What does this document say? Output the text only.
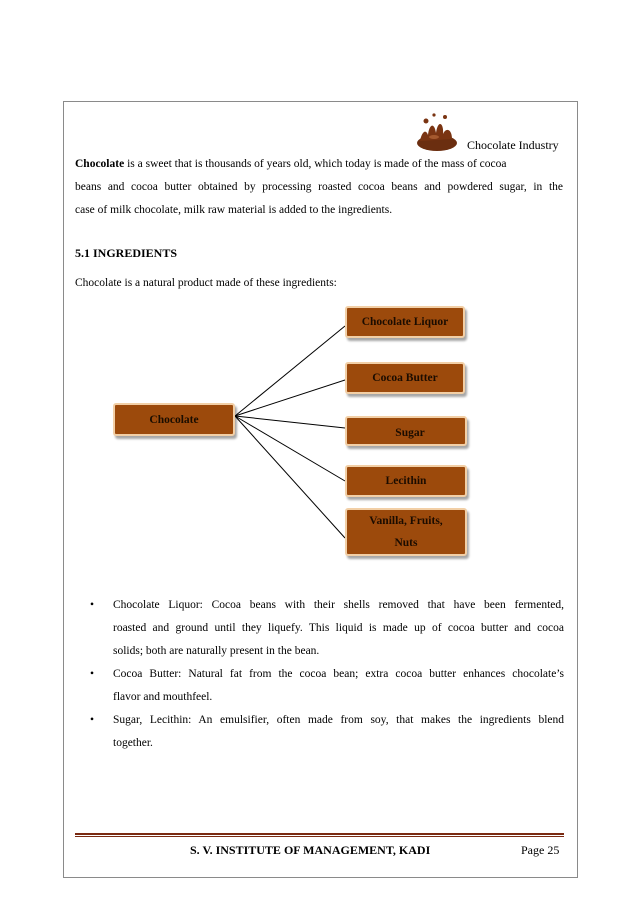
Chocolate Industry

Chocolate is a sweet that is thousands of years old, which today is made of the mass of cocoa

beans and cocoa butter obtained by processing roasted cocoa beans and powdered sugar, in the

case of milk chocolate, milk raw material is added to the ingredients.

5.1 INGREDIENTS
Chocolate is a natural product made of these ingredients:
Chocolate
Chocolate Liquor
Cocoa Butter
Sugar
Lecithin
Vanilla, Fruits,
Nuts
• Chocolate Liquor: Cocoa beans with their shells removed that have been fermented,
roasted and ground until they liquefy. This liquid is made up of cocoa butter and cocoa
solids; both are naturally present in the bean.
• Cocoa Butter: Natural fat from the cocoa bean; extra cocoa butter enhances chocolate’s
flavor and mouthfeel.
• Sugar, Lecithin: An emulsifier, often made from soy, that makes the ingredients blend
together.
S. V. INSTITUTE OF MANAGEMENT, KADI	Page 25
